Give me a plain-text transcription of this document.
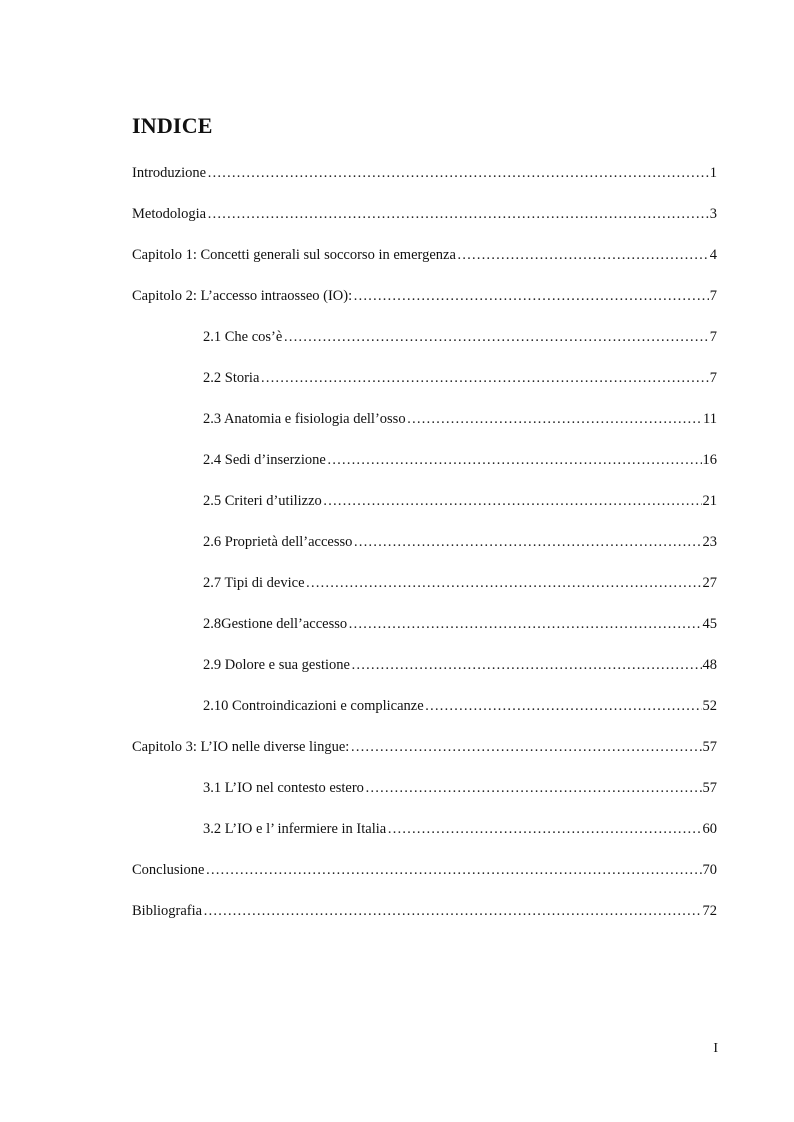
INDICE
Introduzione ………………………………………………………………………………………………………………………………………………………………………………………………………………………………	1
Metodologia ………………………………………………………………………………………………………………………………………………………………………………………………………………………………	3
Capitolo 1: Concetti generali sul soccorso in emergenza ………………………………………………………………………………………………………………………………………………………………………………………………………………………………	4
Capitolo 2: L’accesso intraosseo (IO): ………………………………………………………………………………………………………………………………………………………………………………………………………………………………	7
2.1 Che cos’è ………………………………………………………………………………………………………………………………………………………………………………………………………………………………	7
2.2 Storia ………………………………………………………………………………………………………………………………………………………………………………………………………………………………	7
2.3 Anatomia e fisiologia dell’osso ………………………………………………………………………………………………………………………………………………………………………………………………………………………………	11
2.4 Sedi d’inserzione ………………………………………………………………………………………………………………………………………………………………………………………………………………………………	16
2.5 Criteri d’utilizzo ………………………………………………………………………………………………………………………………………………………………………………………………………………………………	21
2.6 Proprietà dell’accesso ………………………………………………………………………………………………………………………………………………………………………………………………………………………………	23
2.7 Tipi di device ………………………………………………………………………………………………………………………………………………………………………………………………………………………………	27
2.8Gestione dell’accesso ………………………………………………………………………………………………………………………………………………………………………………………………………………………………	45
2.9 Dolore e sua gestione ………………………………………………………………………………………………………………………………………………………………………………………………………………………………	48
2.10 Controindicazioni e complicanze ………………………………………………………………………………………………………………………………………………………………………………………………………………………………	52
Capitolo 3: L’IO nelle diverse lingue: ………………………………………………………………………………………………………………………………………………………………………………………………………………………………	57
3.1 L’IO nel contesto estero ………………………………………………………………………………………………………………………………………………………………………………………………………………………………	57
3.2 L’IO e l’ infermiere in Italia ………………………………………………………………………………………………………………………………………………………………………………………………………………………………	60
Conclusione ………………………………………………………………………………………………………………………………………………………………………………………………………………………………	70
Bibliografia ………………………………………………………………………………………………………………………………………………………………………………………………………………………………	72
I
